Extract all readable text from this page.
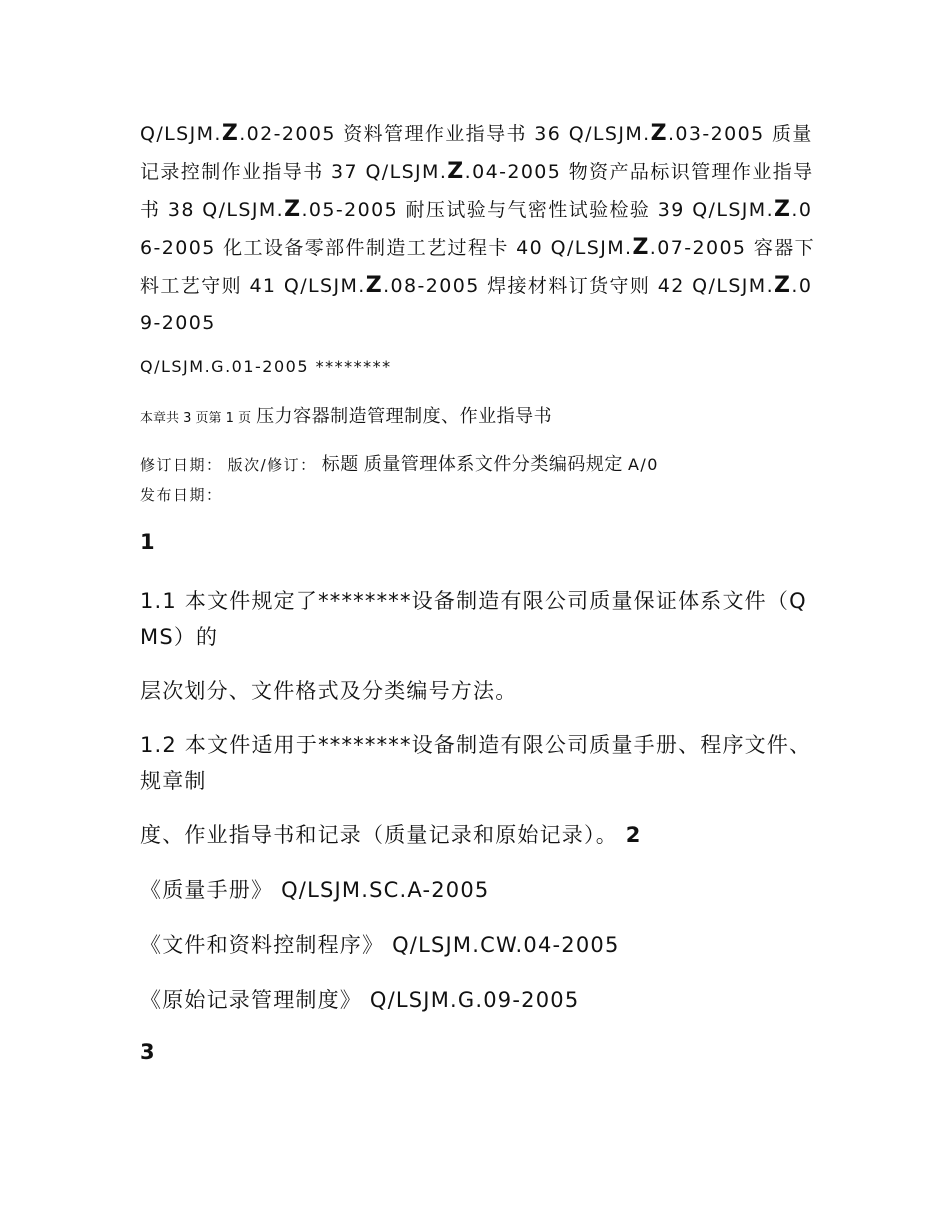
Q/LSJM.Z.02-2005 资料管理作业指导书 36 Q/LSJM.Z.03-2005 质量记录控制作业指导书 37 Q/LSJM.Z.04-2005 物资产品标识管理作业指导书 38 Q/LSJM.Z.05-2005 耐压试验与气密性试验检验 39 Q/LSJM.Z.06-2005 化工设备零部件制造工艺过程卡 40 Q/LSJM.Z.07-2005 容器下料工艺守则 41 Q/LSJM.Z.08-2005 焊接材料订货守则 42 Q/LSJM.Z.09-2005

Q/LSJM.G.01-2005 ********

本章共 3 页第 1 页 压力容器制造管理制度、作业指导书

修订日期： 版次/修订： 标题 质量管理体系文件分类编码规定 A/0
发布日期：

1

1.1 本文件规定了********设备制造有限公司质量保证体系文件（QMS）的

层次划分、文件格式及分类编号方法。

1.2 本文件适用于********设备制造有限公司质量手册、程序文件、规章制

度、作业指导书和记录（质量记录和原始记录）。 2

《质量手册》 Q/LSJM.SC.A-2005

《文件和资料控制程序》 Q/LSJM.CW.04-2005

《原始记录管理制度》 Q/LSJM.G.09-2005

3
